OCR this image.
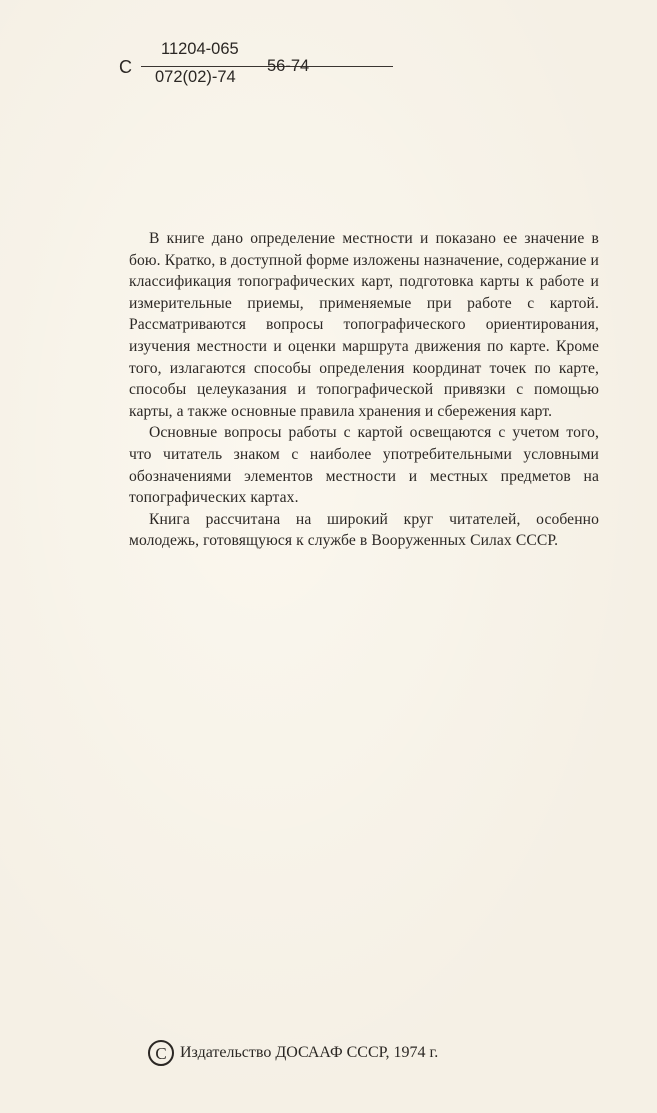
С
11204-065
072(02)-74
56-74

В книге дано определение местности и показано ее значение в бою. Кратко, в доступной форме изложены назначение, содержание и классификация топографических карт, подготовка карты к работе и измерительные приемы, применяемые при работе с картой. Рассматриваются вопросы топографического ориентирования, изучения местности и оценки маршрута движения по карте. Кроме того, излагаются способы определения координат точек по карте, способы целеуказания и топографической привязки с помощью карты, а также основные правила хранения и сбережения карт.

Основные вопросы работы с картой освещаются с учетом того, что читатель знаком с наиболее употребительными условными обозначениями элементов местности и местных предметов на топографических картах.

Книга рассчитана на широкий круг читателей, особенно молодежь, готовящуюся к службе в Вооруженных Силах СССР.

С Издательство ДОСААФ СССР, 1974 г.
